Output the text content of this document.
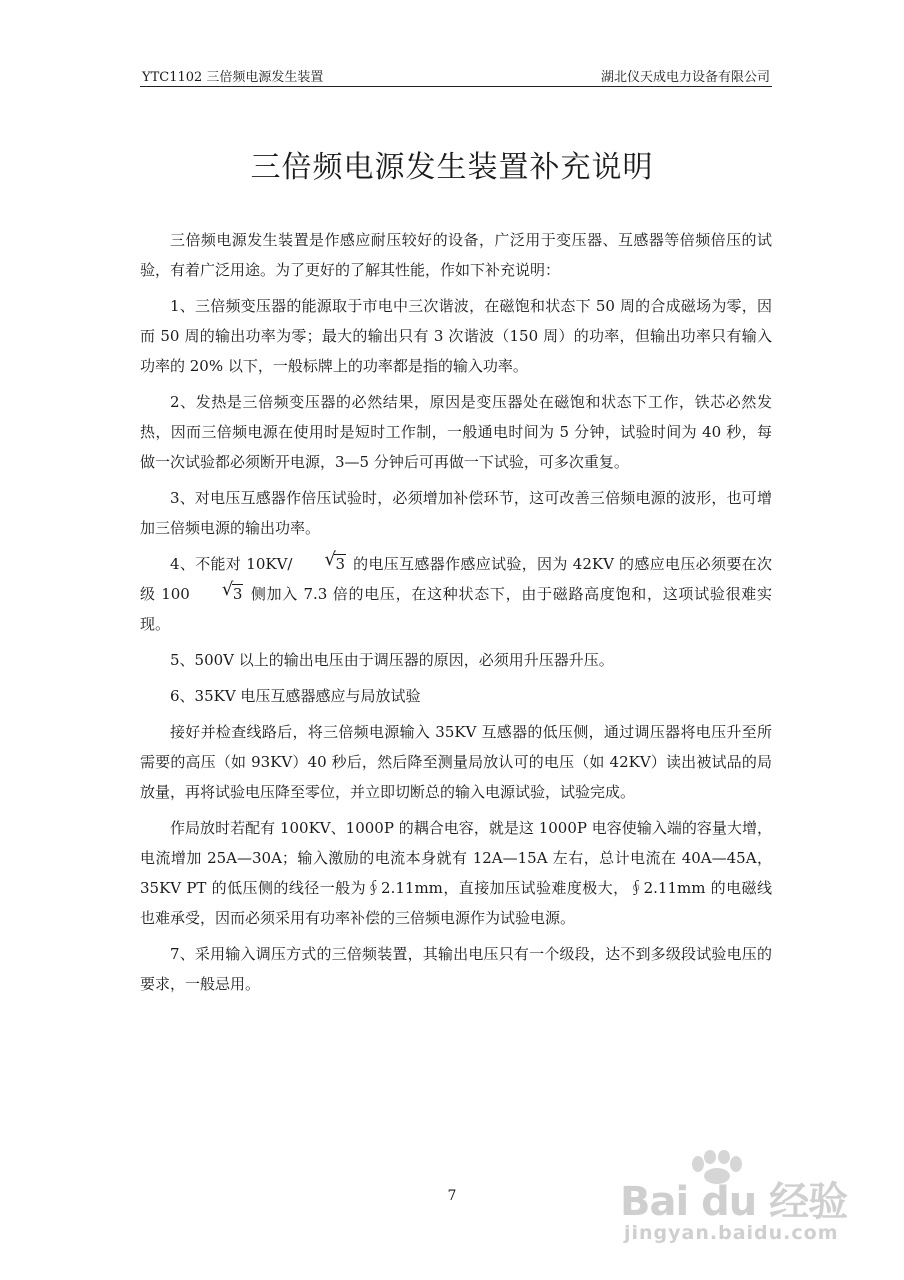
YTC1102 三倍频电源发生装置	湖北仪天成电力设备有限公司
三倍频电源发生装置补充说明

三倍频电源发生装置是作感应耐压较好的设备，广泛用于变压器、互感器等倍频倍压的试验，有着广泛用途。为了更好的了解其性能，作如下补充说明：

1、三倍频变压器的能源取于市电中三次谐波，在磁饱和状态下 50 周的合成磁场为零，因而 50 周的输出功率为零；最大的输出只有 3 次谐波（150 周）的功率，但输出功率只有输入功率的 20% 以下，一般标牌上的功率都是指的输入功率。

2、发热是三倍频变压器的必然结果，原因是变压器处在磁饱和状态下工作，铁芯必然发热，因而三倍频电源在使用时是短时工作制，一般通电时间为 5 分钟，试验时间为 40 秒，每做一次试验都必须断开电源，3—5 分钟后可再做一下试验，可多次重复。

3、对电压互感器作倍压试验时，必须增加补偿环节，这可改善三倍频电源的波形，也可增加三倍频电源的输出功率。

4、不能对 10KV/	√ 3 的电压互感器作感应试验，因为 42KV 的感应电压必须要在次级 100	√ 3 侧加入 7.3 倍的电压，在这种状态下，由于磁路高度饱和，这项试验很难实现。

5、500V 以上的输出电压由于调压器的原因，必须用升压器升压。

6、35KV 电压互感器感应与局放试验

接好并检查线路后，将三倍频电源输入 35KV 互感器的低压侧，通过调压器将电压升至所需要的高压（如 93KV）40 秒后，然后降至测量局放认可的电压（如 42KV）读出被试品的局放量，再将试验电压降至零位，并立即切断总的输入电源试验，试验完成。

作局放时若配有 100KV、1000P 的耦合电容，就是这 1000P 电容使输入端的容量大增，电流增加 25A—30A；输入激励的电流本身就有 12A—15A 左右，总计电流在 40A—45A，35KV PT 的低压侧的线径一般为∮2.11mm，直接加压试验难度极大，∮2.11mm 的电磁线也难承受，因而必须采用有功率补偿的三倍频电源作为试验电源。

7、采用输入调压方式的三倍频装置，其输出电压只有一个级段，达不到多级段试验电压的要求，一般忌用。

7	Bai du 经验
jingyan.baidu.com
